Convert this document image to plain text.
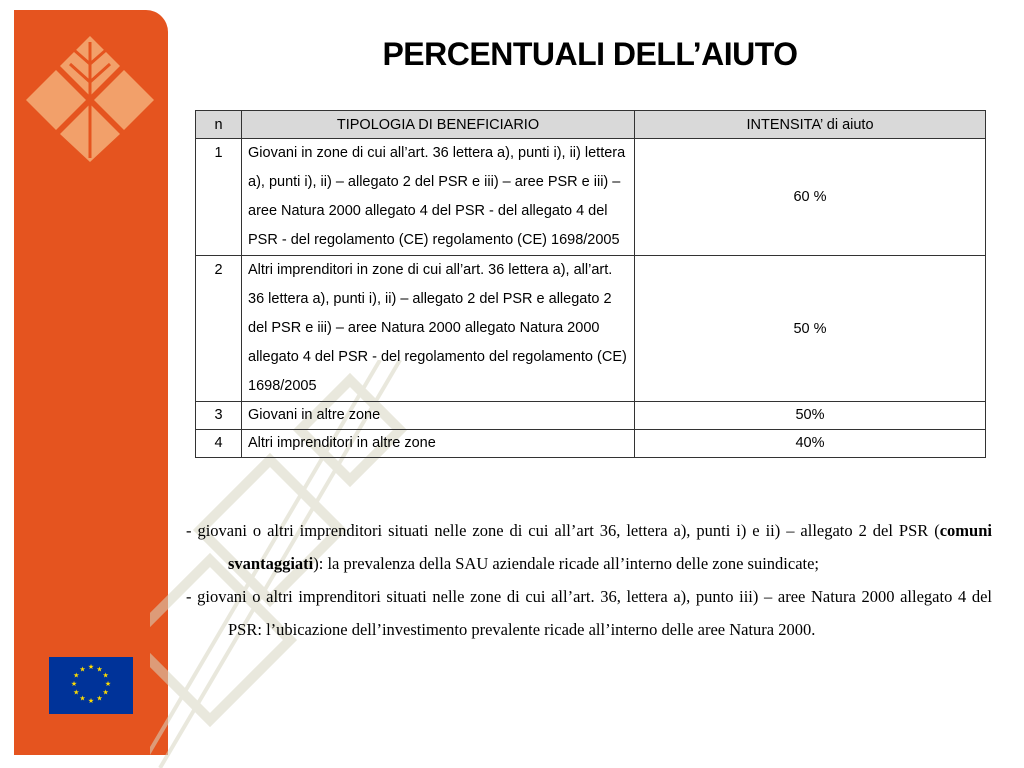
★ ★
★
★
★
★
★
★
★
★
★
★
PERCENTUALI DELL’AIUTO
n	TIPOLOGIA DI BENEFICIARIO	INTENSITA’ di aiuto
1	Giovani in zone di cui all’art. 36 lettera a), punti i), ii) lettera a), punti i), ii) – allegato 2 del PSR e iii) – aree PSR e iii) – aree Natura 2000 allegato 4 del PSR - del allegato 4 del PSR - del regolamento (CE) regolamento (CE) 1698/2005	60 %
2	Altri imprenditori in zone di cui all’art. 36 lettera a), all’art. 36 lettera a), punti i), ii) – allegato 2 del PSR e allegato 2 del PSR e iii) – aree Natura 2000 allegato Natura 2000 allegato 4 del PSR - del regolamento del regolamento (CE) 1698/2005	50 %
3	Giovani in altre zone	50%
4	Altri imprenditori in altre zone	40%

- giovani o altri imprenditori situati nelle zone di cui all’art 36, lettera a), punti i) e ii) – allegato 2 del PSR (comuni svantaggiati): la prevalenza della SAU aziendale ricade all’interno delle zone suindicate;

- giovani o altri imprenditori situati nelle zone di cui all’art. 36, lettera a), punto iii) – aree Natura 2000 allegato 4 del PSR: l’ubicazione dell’investimento prevalente ricade all’interno delle aree Natura 2000.
